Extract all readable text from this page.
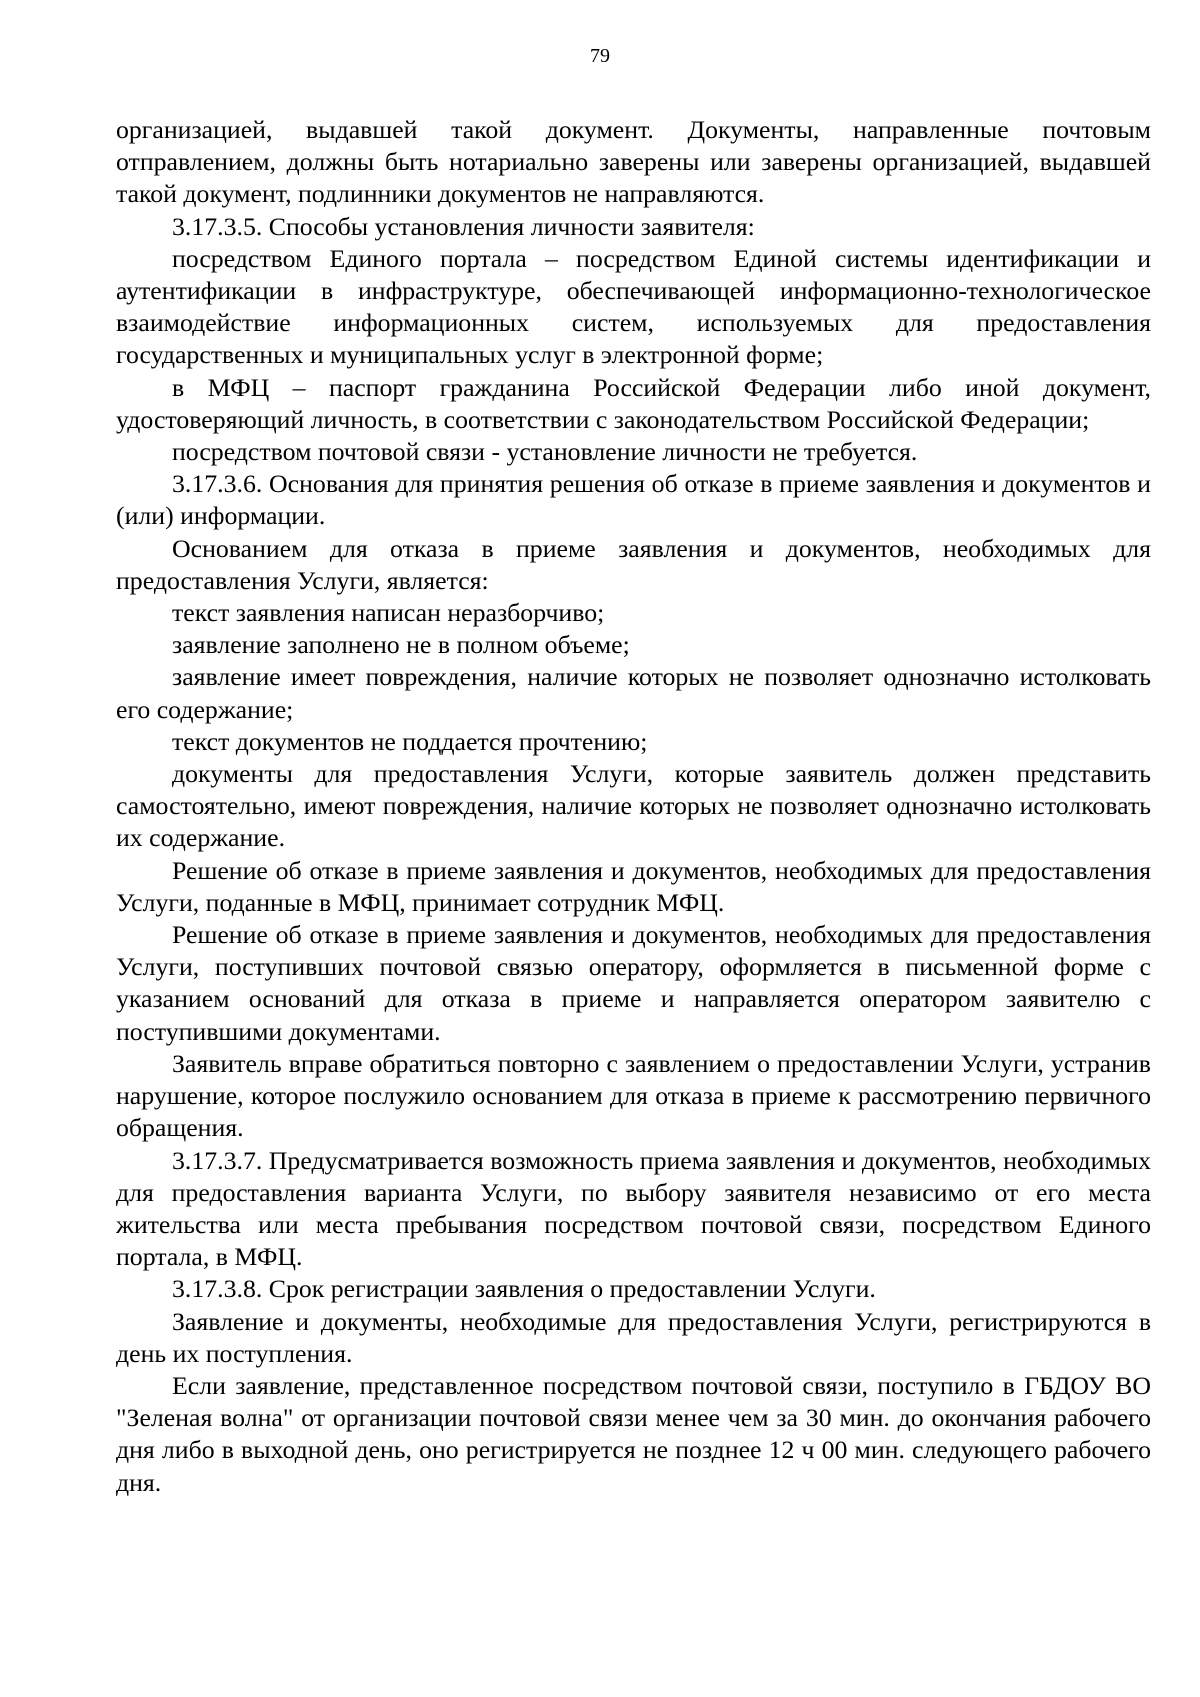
79

организацией, выдавшей такой документ. Документы, направленные почтовым отправлением, должны быть нотариально заверены или заверены организацией, выдавшей такой документ, подлинники документов не направляются.

3.17.3.5. Способы установления личности заявителя:

посредством Единого портала – посредством Единой системы идентификации и аутентификации в инфраструктуре, обеспечивающей информационно-технологическое взаимодействие информационных систем, используемых для предоставления государственных и муниципальных услуг в электронной форме;

в МФЦ – паспорт гражданина Российской Федерации либо иной документ, удостоверяющий личность, в соответствии с законодательством Российской Федерации;

посредством почтовой связи - установление личности не требуется.

3.17.3.6. Основания для принятия решения об отказе в приеме заявления и документов и (или) информации.

Основанием для отказа в приеме заявления и документов, необходимых для предоставления Услуги, является:

текст заявления написан неразборчиво;

заявление заполнено не в полном объеме;

заявление имеет повреждения, наличие которых не позволяет однозначно истолковать его содержание;

текст документов не поддается прочтению;

документы для предоставления Услуги, которые заявитель должен представить самостоятельно, имеют повреждения, наличие которых не позволяет однозначно истолковать их содержание.

Решение об отказе в приеме заявления и документов, необходимых для предоставления Услуги, поданные в МФЦ, принимает сотрудник МФЦ.

Решение об отказе в приеме заявления и документов, необходимых для предоставления Услуги, поступивших почтовой связью оператору, оформляется в письменной форме с указанием оснований для отказа в приеме и направляется оператором заявителю с поступившими документами.

Заявитель вправе обратиться повторно с заявлением о предоставлении Услуги, устранив нарушение, которое послужило основанием для отказа в приеме к рассмотрению первичного обращения.

3.17.3.7. Предусматривается возможность приема заявления и документов, необходимых для предоставления варианта Услуги, по выбору заявителя независимо от его места жительства или места пребывания посредством почтовой связи, посредством Единого портала, в МФЦ.

3.17.3.8. Срок регистрации заявления о предоставлении Услуги.

Заявление и документы, необходимые для предоставления Услуги, регистрируются в день их поступления.

Если заявление, представленное посредством почтовой связи, поступило в ГБДОУ ВО "Зеленая волна" от организации почтовой связи менее чем за 30 мин. до окончания рабочего дня либо в выходной день, оно регистрируется не позднее 12 ч 00 мин. следующего рабочего дня.
